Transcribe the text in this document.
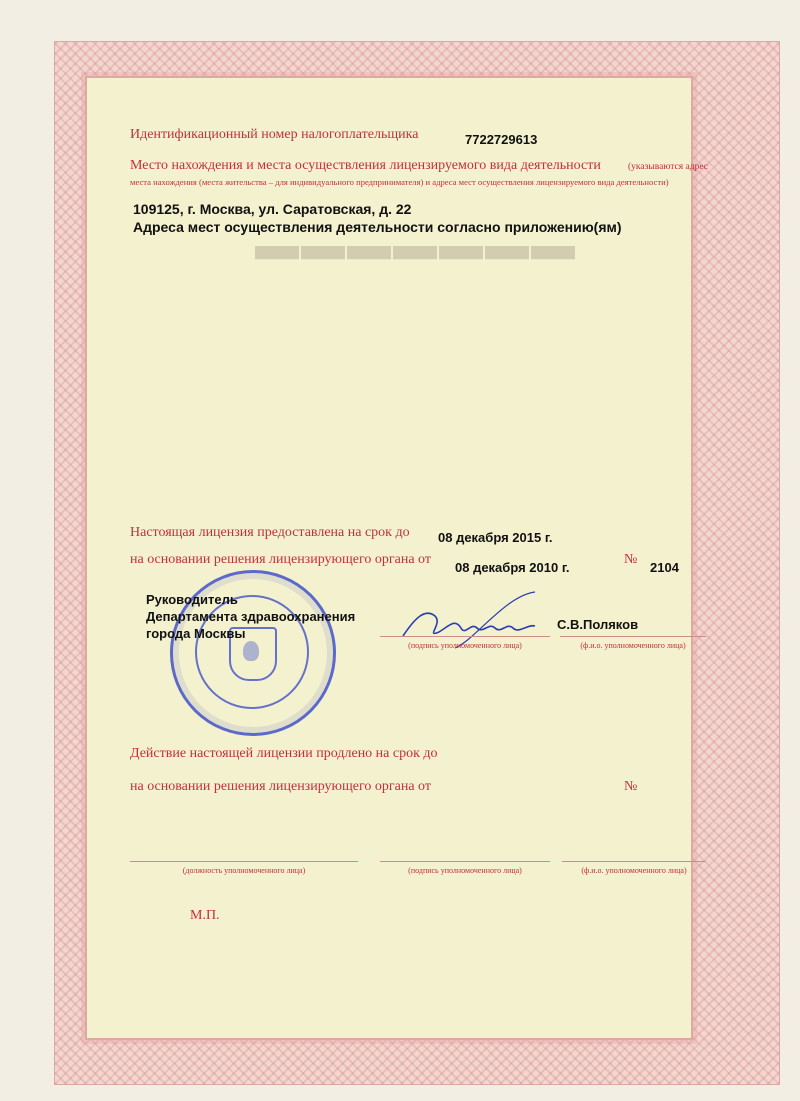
▬▬▬▬▬▬▬
Идентификационный номер налогоплательщика	7722729613
Место нахождения и места осуществления лицензируемого вида деятельности	(указываются адрес
места нахождения (места жительства – для индивидуального предпринимателя) и адреса мест осуществления лицензируемого вида деятельности)
109125, г. Москва, ул. Саратовская, д. 22
Адреса мест осуществления деятельности согласно приложению(ям)
Настоящая лицензия предоставлена на срок до 08 декабря 2015 г.
на основании решения лицензирующего органа от
08 декабря 2010 г.
№
2104
Руководитель
Департамента здравоохранения
города Москвы
С.В.Поляков
(подпись уполномоченного лица)	(ф.и.о. уполномоченного лица)
Действие настоящей лицензии продлено на срок до
на основании решения лицензирующего органа от	№
(должность уполномоченного лица)	(подпись уполномоченного лица)	(ф.и.о. уполномоченного лица)
М.П.
